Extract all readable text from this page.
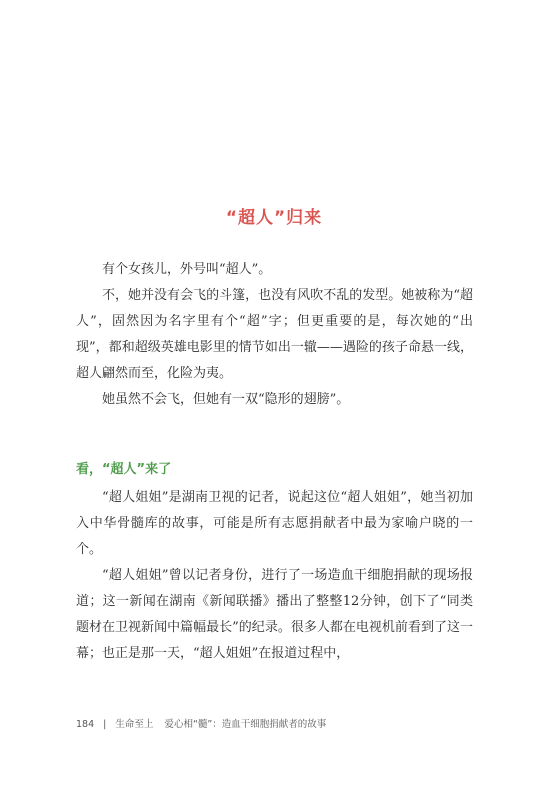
“超人”归来

有个女孩儿，外号叫“超人”。

不，她并没有会飞的斗篷，也没有风吹不乱的发型。她被称为“超人”，固然因为名字里有个“超”字；但更重要的是，每次她的“出现”，都和超级英雄电影里的情节如出一辙——遇险的孩子命悬一线，超人翩然而至，化险为夷。

她虽然不会飞，但她有一双“隐形的翅膀”。

看，“超人”来了

“超人姐姐”是湖南卫视的记者，说起这位“超人姐姐”，她当初加入中华骨髓库的故事，可能是所有志愿捐献者中最为家喻户晓的一个。

“超人姐姐”曾以记者身份，进行了一场造血干细胞捐献的现场报道；这一新闻在湖南《新闻联播》播出了整整12分钟，创下了“同类题材在卫视新闻中篇幅最长”的纪录。很多人都在电视机前看到了这一幕；也正是那一天，“超人姐姐”在报道过程中，

184 | 生命至上 爱心相“髓”：造血干细胞捐献者的故事
